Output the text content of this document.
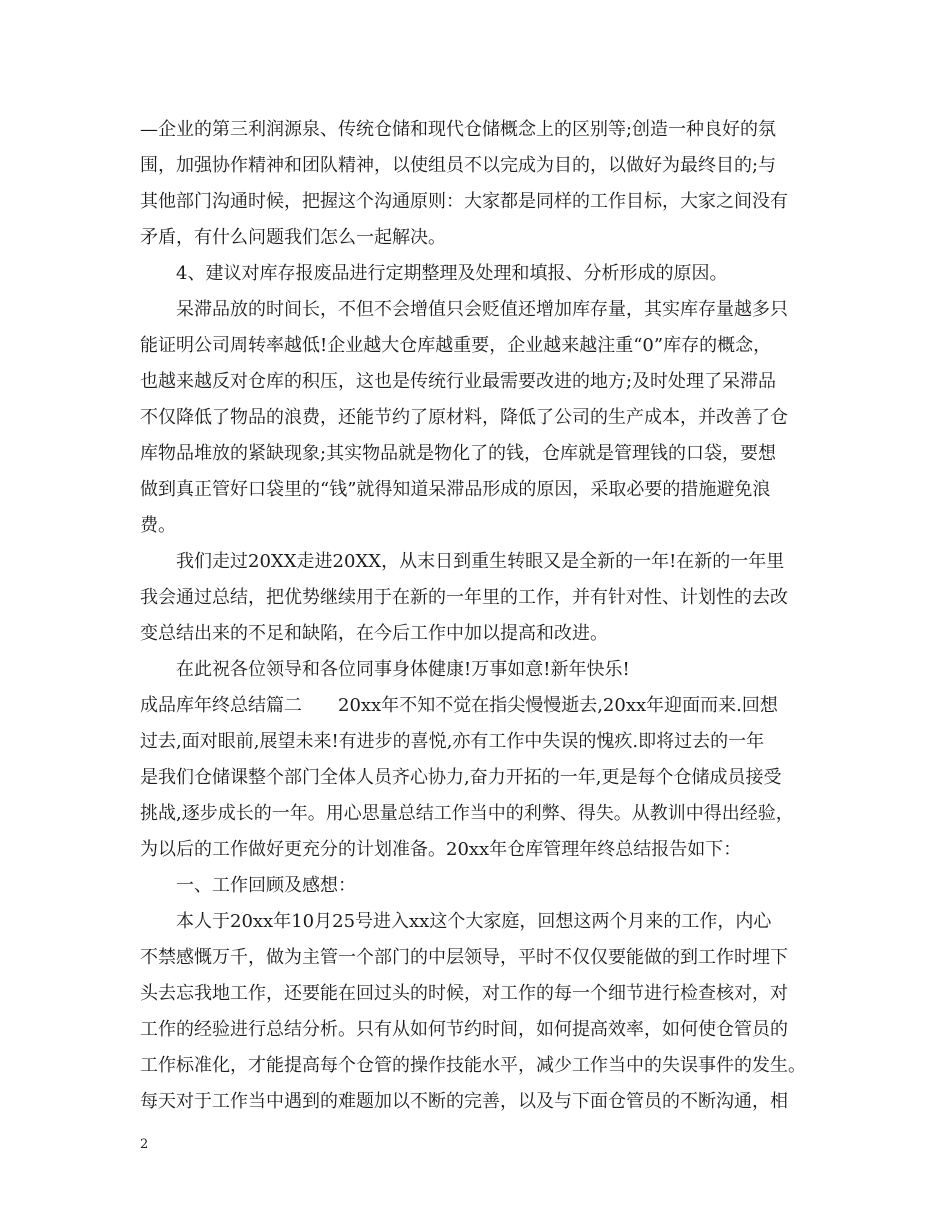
—企业的第三利润源泉、传统仓储和现代仓储概念上的区别等;创造一种良好的氛
围，加强协作精神和团队精神，以使组员不以完成为目的，以做好为最终目的;与
其他部门沟通时候，把握这个沟通原则：大家都是同样的工作目标，大家之间没有
矛盾，有什么问题我们怎么一起解决。
4、建议对库存报废品进行定期整理及处理和填报、分析形成的原因。
呆滞品放的时间长，不但不会增值只会贬值还增加库存量，其实库存量越多只
能证明公司周转率越低!企业越大仓库越重要，企业越来越注重“0”库存的概念，
也越来越反对仓库的积压，这也是传统行业最需要改进的地方;及时处理了呆滞品
不仅降低了物品的浪费，还能节约了原材料，降低了公司的生产成本，并改善了仓
库物品堆放的紧缺现象;其实物品就是物化了的钱，仓库就是管理钱的口袋，要想
做到真正管好口袋里的“钱”就得知道呆滞品形成的原因，采取必要的措施避免浪
费。
我们走过20XX走进20XX，从末日到重生转眼又是全新的一年!在新的一年里
我会通过总结，把优势继续用于在新的一年里的工作，并有针对性、计划性的去改
变总结出来的不足和缺陷，在今后工作中加以提高和改进。
在此祝各位领导和各位同事身体健康!万事如意!新年快乐!
成品库年终总结篇二　　20xx年不知不觉在指尖慢慢逝去,20xx年迎面而来.回想
过去,面对眼前,展望未来!有进步的喜悦,亦有工作中失误的愧疚.即将过去的一年
是我们仓储课整个部门全体人员齐心协力,奋力开拓的一年,更是每个仓储成员接受
挑战,逐步成长的一年。用心思量总结工作当中的利弊、得失。从教训中得出经验，
为以后的工作做好更充分的计划准备。20xx年仓库管理年终总结报告如下：
一、工作回顾及感想：
本人于20xx年10月25号进入xx这个大家庭，回想这两个月来的工作，内心
不禁感慨万千，做为主管一个部门的中层领导，平时不仅仅要能做的到工作时埋下
头去忘我地工作，还要能在回过头的时候，对工作的每一个细节进行检查核对，对
工作的经验进行总结分析。只有从如何节约时间，如何提高效率，如何使仓管员的
工作标准化，才能提高每个仓管的操作技能水平，减少工作当中的失误事件的发生。
每天对于工作当中遇到的难题加以不断的完善，以及与下面仓管员的不断沟通，相
2
